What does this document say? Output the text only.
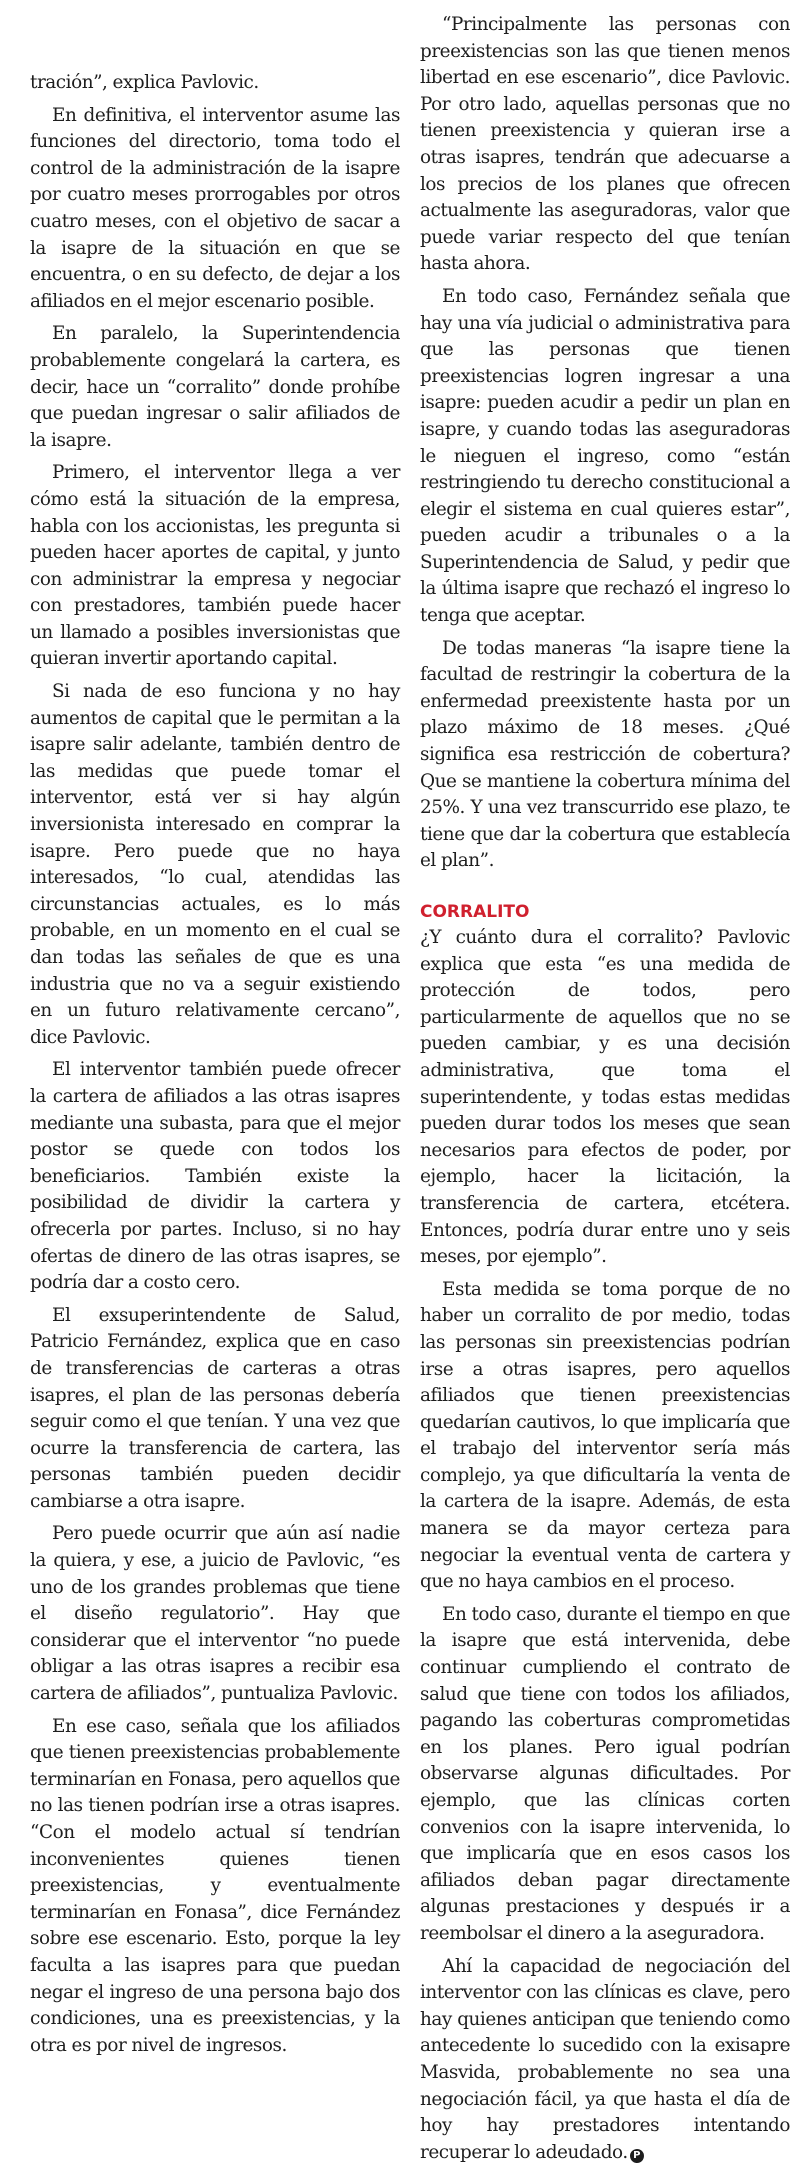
tración”, explica Pavlovic.

En definitiva, el interventor asume las funciones del directorio, toma todo el control de la administración de la isapre por cuatro meses prorrogables por otros cuatro meses, con el objetivo de sacar a la isapre de la situación en que se encuentra, o en su defecto, de dejar a los afiliados en el mejor escenario posible.

En paralelo, la Superintendencia probablemente congelará la cartera, es decir, hace un “corralito” donde prohíbe que puedan ingresar o salir afiliados de la isapre.

Primero, el interventor llega a ver cómo está la situación de la empresa, habla con los accionistas, les pregunta si pueden hacer aportes de capital, y junto con administrar la empresa y negociar con prestadores, también puede hacer un llamado a posibles inversionistas que quieran invertir aportando capital.

Si nada de eso funciona y no hay aumentos de capital que le permitan a la isapre salir adelante, también dentro de las medidas que puede tomar el interventor, está ver si hay algún inversionista interesado en comprar la isapre. Pero puede que no haya interesados, “lo cual, atendidas las circunstancias actuales, es lo más probable, en un momento en el cual se dan todas las señales de que es una industria que no va a seguir existiendo en un futuro relativamente cercano”, dice Pavlovic.

El interventor también puede ofrecer la cartera de afiliados a las otras isapres mediante una subasta, para que el mejor postor se quede con todos los beneficiarios. También existe la posibilidad de dividir la cartera y ofrecerla por partes. Incluso, si no hay ofertas de dinero de las otras isapres, se podría dar a costo cero.

El exsuperintendente de Salud, Patricio Fernández, explica que en caso de transferencias de carteras a otras isapres, el plan de las personas debería seguir como el que tenían. Y una vez que ocurre la transferencia de cartera, las personas también pueden decidir cambiarse a otra isapre.

Pero puede ocurrir que aún así nadie la quiera, y ese, a juicio de Pavlovic, “es uno de los grandes problemas que tiene el diseño regulatorio”. Hay que considerar que el interventor “no puede obligar a las otras isapres a recibir esa cartera de afiliados”, puntualiza Pavlovic.

En ese caso, señala que los afiliados que tienen preexistencias probablemente terminarían en Fonasa, pero aquellos que no las tienen podrían irse a otras isapres. “Con el modelo actual sí tendrían inconvenientes quienes tienen preexistencias, y eventualmente terminarían en Fonasa”, dice Fernández sobre ese escenario. Esto, porque la ley faculta a las isapres para que puedan negar el ingreso de una persona bajo dos condiciones, una es preexistencias, y la otra es por nivel de ingresos.

“Principalmente las personas con preexistencias son las que tienen menos libertad en ese escenario”, dice Pavlovic. Por otro lado, aquellas personas que no tienen preexistencia y quieran irse a otras isapres, tendrán que adecuarse a los precios de los planes que ofrecen actualmente las aseguradoras, valor que puede variar respecto del que tenían hasta ahora.

En todo caso, Fernández señala que hay una vía judicial o administrativa para que las personas que tienen preexistencias logren ingresar a una isapre: pueden acudir a pedir un plan en isapre, y cuando todas las aseguradoras le nieguen el ingreso, como “están restringiendo tu derecho constitucional a elegir el sistema en cual quieres estar”, pueden acudir a tribunales o a la Superintendencia de Salud, y pedir que la última isapre que rechazó el ingreso lo tenga que aceptar.

De todas maneras “la isapre tiene la facultad de restringir la cobertura de la enfermedad preexistente hasta por un plazo máximo de 18 meses. ¿Qué significa esa restricción de cobertura? Que se mantiene la cobertura mínima del 25%. Y una vez transcurrido ese plazo, te tiene que dar la cobertura que establecía el plan”.

CORRALITO

¿Y cuánto dura el corralito? Pavlovic explica que esta “es una medida de protección de todos, pero particularmente de aquellos que no se pueden cambiar, y es una decisión administrativa, que toma el superintendente, y todas estas medidas pueden durar todos los meses que sean necesarios para efectos de poder, por ejemplo, hacer la licitación, la transferencia de cartera, etcétera. Entonces, podría durar entre uno y seis meses, por ejemplo”.

Esta medida se toma porque de no haber un corralito de por medio, todas las personas sin preexistencias podrían irse a otras isapres, pero aquellos afiliados que tienen preexistencias quedarían cautivos, lo que implicaría que el trabajo del interventor sería más complejo, ya que dificultaría la venta de la cartera de la isapre. Además, de esta manera se da mayor certeza para negociar la eventual venta de cartera y que no haya cambios en el proceso.

En todo caso, durante el tiempo en que la isapre que está intervenida, debe continuar cumpliendo el contrato de salud que tiene con todos los afiliados, pagando las coberturas comprometidas en los planes. Pero igual podrían observarse algunas dificultades. Por ejemplo, que las clínicas corten convenios con la isapre intervenida, lo que implicaría que en esos casos los afiliados deban pagar directamente algunas prestaciones y después ir a reembolsar el dinero a la aseguradora.

Ahí la capacidad de negociación del interventor con las clínicas es clave, pero hay quienes anticipan que teniendo como antecedente lo sucedido con la exisapre Masvida, probablemente no sea una negociación fácil, ya que hasta el día de hoy hay prestadores intentando recuperar lo adeudado. P
